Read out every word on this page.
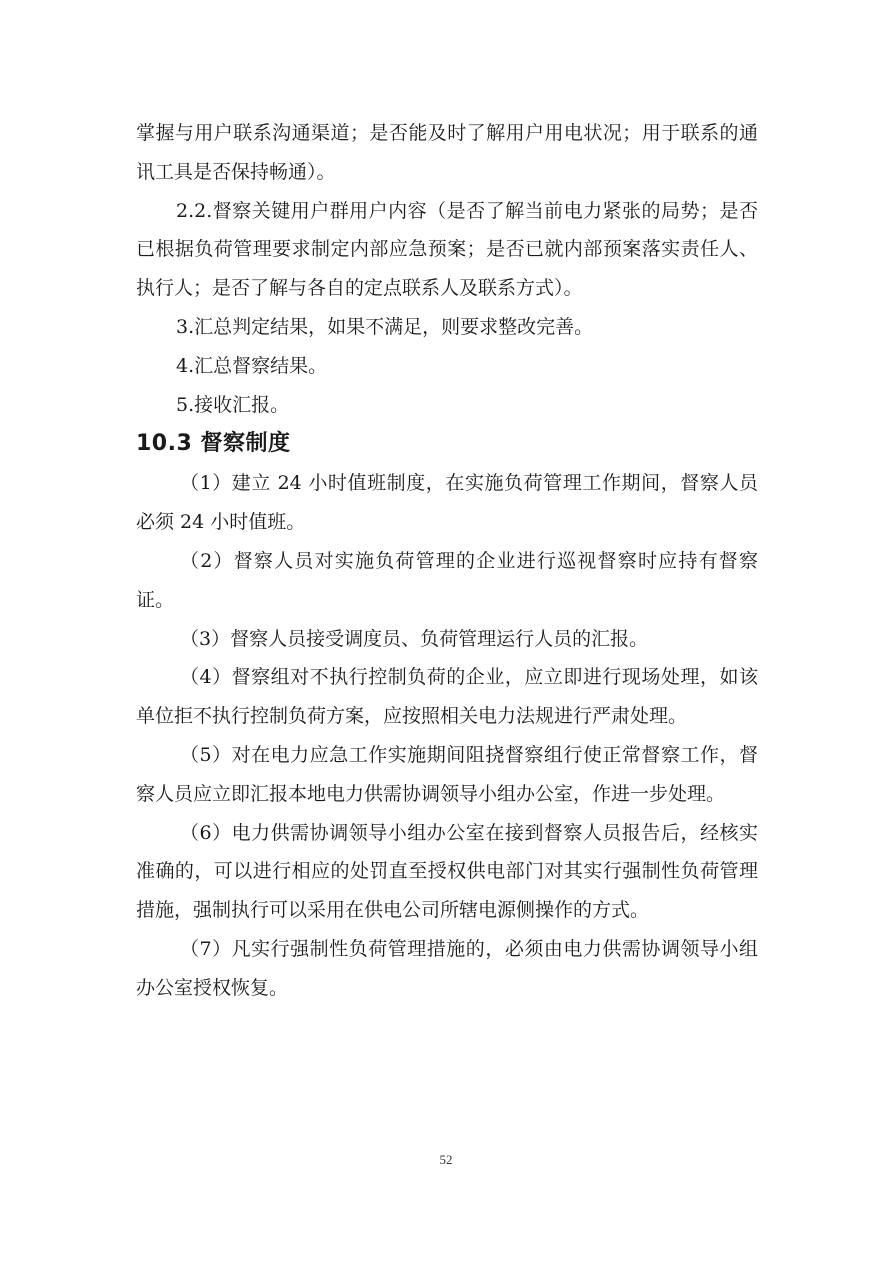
掌握与用户联系沟通渠道；是否能及时了解用户用电状况；用于联系的通讯工具是否保持畅通）。

2.2.督察关键用户群用户内容（是否了解当前电力紧张的局势；是否已根据负荷管理要求制定内部应急预案；是否已就内部预案落实责任人、执行人；是否了解与各自的定点联系人及联系方式）。

3.汇总判定结果，如果不满足，则要求整改完善。

4.汇总督察结果。

5.接收汇报。

10.3 督察制度

（1）建立 24 小时值班制度，在实施负荷管理工作期间，督察人员必须 24 小时值班。

（2）督察人员对实施负荷管理的企业进行巡视督察时应持有督察证。

（3）督察人员接受调度员、负荷管理运行人员的汇报。

（4）督察组对不执行控制负荷的企业，应立即进行现场处理，如该单位拒不执行控制负荷方案，应按照相关电力法规进行严肃处理。

（5）对在电力应急工作实施期间阻挠督察组行使正常督察工作，督察人员应立即汇报本地电力供需协调领导小组办公室，作进一步处理。

（6）电力供需协调领导小组办公室在接到督察人员报告后，经核实准确的，可以进行相应的处罚直至授权供电部门对其实行强制性负荷管理措施，强制执行可以采用在供电公司所辖电源侧操作的方式。

（7）凡实行强制性负荷管理措施的，必须由电力供需协调领导小组办公室授权恢复。

52
